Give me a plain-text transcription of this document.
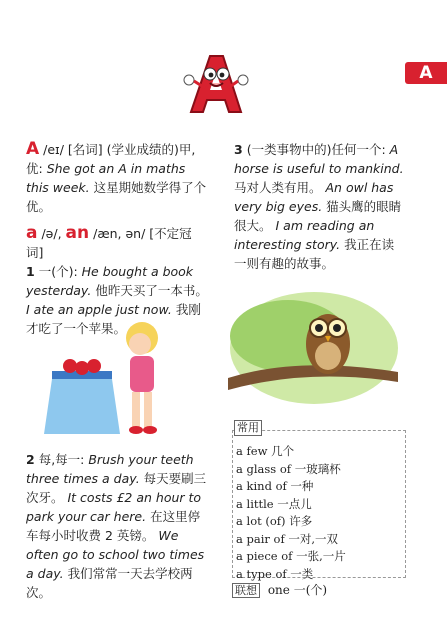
A

A /eɪ/ [名词] (学业成绩的)甲,优: She got an A in maths this week. 这星期她数学得了个优。

a /ə/, an /æn, ən/ [不定冠词]
1 一(个): He bought a book yesterday. 他昨天买了一本书。 I ate an apple just now. 我刚才吃了一个苹果。

2 每,每一: Brush your teeth three times a day. 每天要刷三次牙。 It costs £2 an hour to park your car here. 在这里停车每小时收费 2 英镑。 We often go to school two times a day. 我们常常一天去学校两次。

3 (一类事物中的)任何一个: A horse is useful to mankind. 马对人类有用。 An owl has very big eyes. 猫头鹰的眼睛很大。 I am reading an interesting story. 我正在读一则有趣的故事。

常用
a few 几个
a glass of 一玻璃杯
a kind of 一种
a little 一点儿
a lot (of) 许多
a pair of 一对,一双
a piece of 一张,一片
a type of 一类
联想 one 一(个)
